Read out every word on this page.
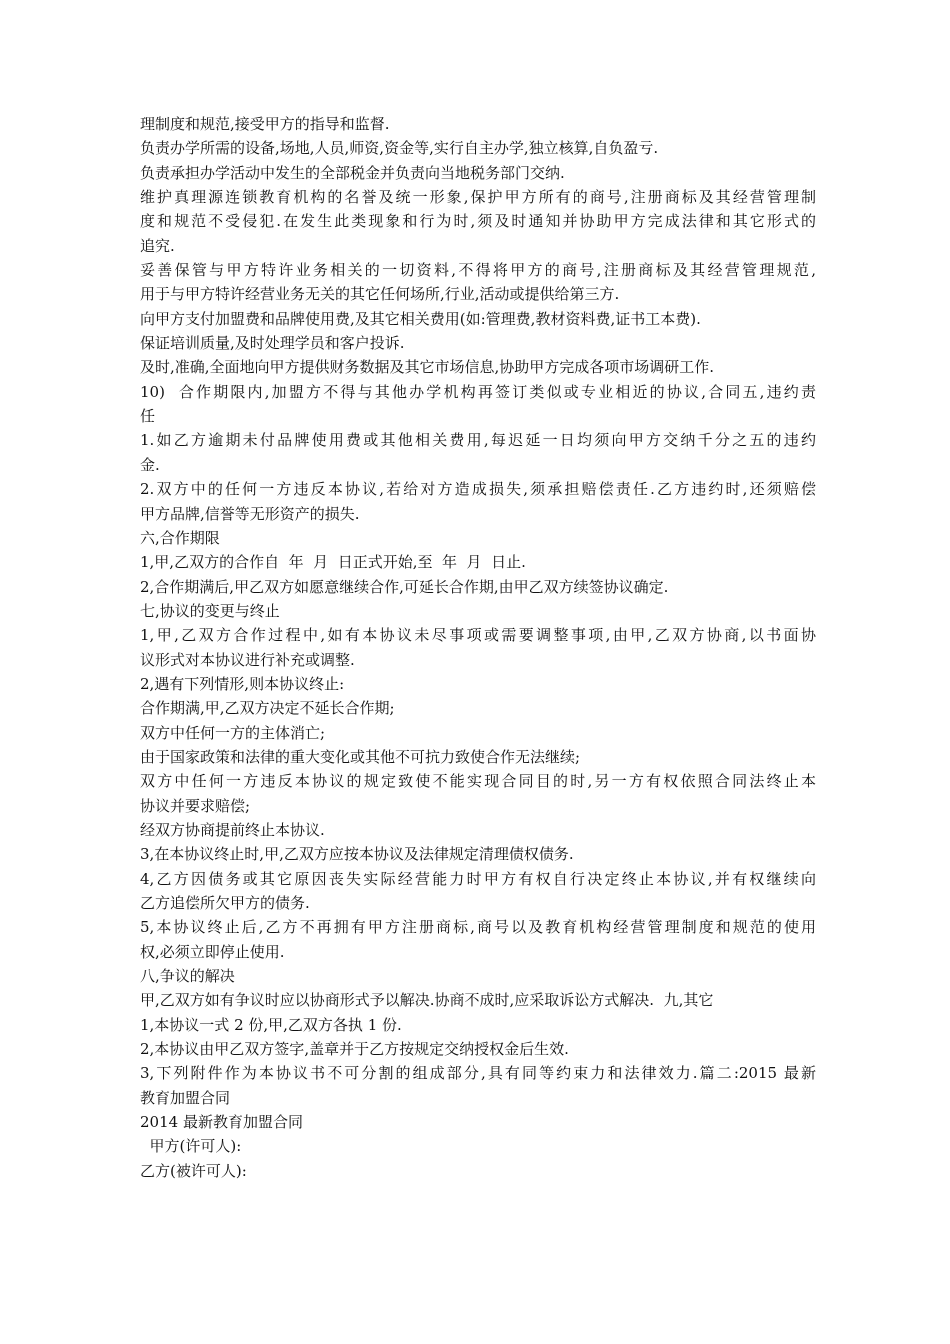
理制度和规范,接受甲方的指导和监督.
负责办学所需的设备,场地,人员,师资,资金等,实行自主办学,独立核算,自负盈亏.
负责承担办学活动中发生的全部税金并负责向当地税务部门交纳.
维护真理源连锁教育机构的名誉及统一形象,保护甲方所有的商号,注册商标及其经营管理制
度和规范不受侵犯.在发生此类现象和行为时,须及时通知并协助甲方完成法律和其它形式的
追究.
妥善保管与甲方特许业务相关的一切资料,不得将甲方的商号,注册商标及其经营管理规范,
用于与甲方特许经营业务无关的其它任何场所,行业,活动或提供给第三方.
向甲方支付加盟费和品牌使用费,及其它相关费用(如:管理费,教材资料费,证书工本费).
保证培训质量,及时处理学员和客户投诉.
及时,准确,全面地向甲方提供财务数据及其它市场信息,协助甲方完成各项市场调研工作.
10)  合作期限内,加盟方不得与其他办学机构再签订类似或专业相近的协议,合同五,违约责
任
1.如乙方逾期未付品牌使用费或其他相关费用,每迟延一日均须向甲方交纳千分之五的违约
金.
2.双方中的任何一方违反本协议,若给对方造成损失,须承担赔偿责任.乙方违约时,还须赔偿
甲方品牌,信誉等无形资产的损失.
六,合作期限
1,甲,乙双方的合作自  年  月  日正式开始,至  年  月  日止.
2,合作期满后,甲乙双方如愿意继续合作,可延长合作期,由甲乙双方续签协议确定.
七,协议的变更与终止
1,甲,乙双方合作过程中,如有本协议未尽事项或需要调整事项,由甲,乙双方协商,以书面协
议形式对本协议进行补充或调整.
2,遇有下列情形,则本协议终止:
合作期满,甲,乙双方决定不延长合作期;
双方中任何一方的主体消亡;
由于国家政策和法律的重大变化或其他不可抗力致使合作无法继续;
双方中任何一方违反本协议的规定致使不能实现合同目的时,另一方有权依照合同法终止本
协议并要求赔偿;
经双方协商提前终止本协议.
3,在本协议终止时,甲,乙双方应按本协议及法律规定清理债权债务.
4,乙方因债务或其它原因丧失实际经营能力时甲方有权自行决定终止本协议,并有权继续向
乙方追偿所欠甲方的债务.
5,本协议终止后,乙方不再拥有甲方注册商标,商号以及教育机构经营管理制度和规范的使用
权,必须立即停止使用.
八,争议的解决
甲,乙双方如有争议时应以协商形式予以解决.协商不成时,应采取诉讼方式解决.  九,其它
1,本协议一式 2 份,甲,乙双方各执 1 份.
2,本协议由甲乙双方签字,盖章并于乙方按规定交纳授权金后生效.
3,下列附件作为本协议书不可分割的组成部分,具有同等约束力和法律效力.篇二:2015 最新
教育加盟合同
2014 最新教育加盟合同
甲方(许可人):
乙方(被许可人):
